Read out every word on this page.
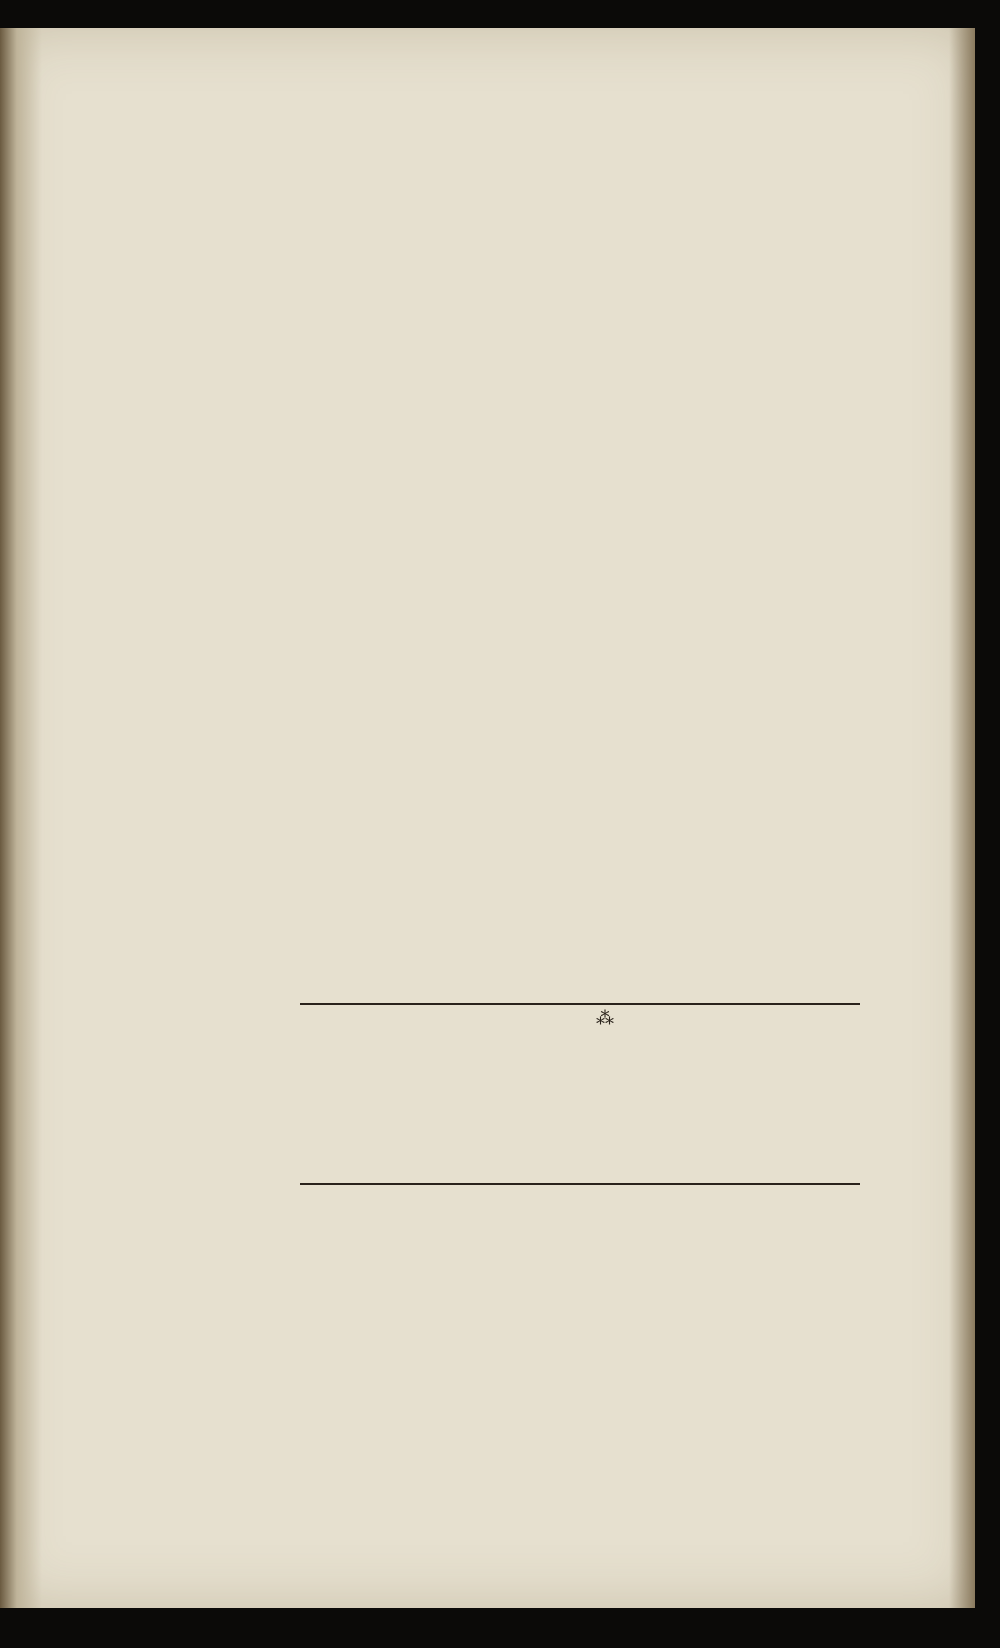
⁂
